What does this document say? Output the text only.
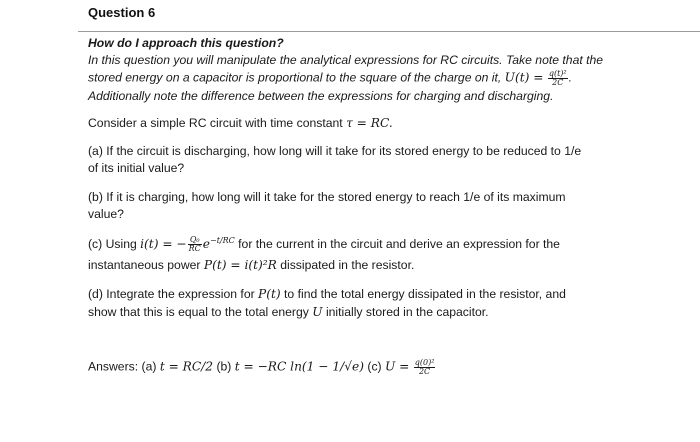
Question 6
How do I approach this question?
In this question you will manipulate the analytical expressions for RC circuits. Take note that the
stored energy on a capacitor is proportional to the square of the charge on it, $U(t) = \frac{\text{q(t)²}}{2C}$ .
Additionally note the difference between the expressions for charging and discharging.
Consider a simple RC circuit with time constant τ = RC.
(a) If the circuit is discharging, how long will it take for its stored energy to be reduced to 1/e
of its initial value?
(b) If it is charging, how long will it take for the stored energy to reach 1/e of its maximum
value?
(c) Using i(t) = − $\frac{\text{Q₀}}{RC} e^{-t/RC}$ for the current in the circuit and derive an expression for the
instantaneous power P(t) = i(t)²R dissipated in the resistor.
(d) Integrate the expression for P(t) to find the total energy dissipated in the resistor, and
show that this is equal to the total energy U initially stored in the capacitor.
Answers: (a) t = RC/2 (b) t = −RC ln(1 − 1/√e) (c) $U = \frac{\text{q(0)²}}{2C}$
